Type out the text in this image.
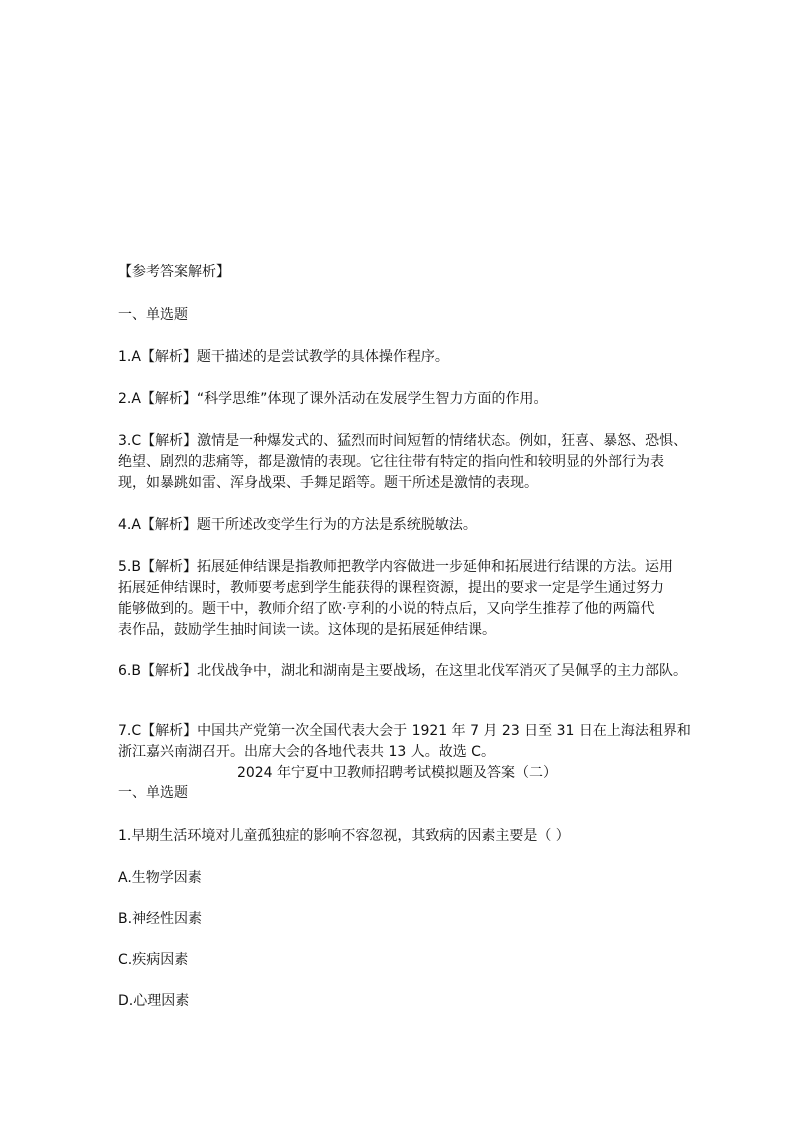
【参考答案解析】
一、单选题
1.A【解析】题干描述的是尝试教学的具体操作程序。
2.A【解析】“科学思维”体现了课外活动在发展学生智力方面的作用。
3.C【解析】激情是一种爆发式的、猛烈而时间短暂的情绪状态。例如，狂喜、暴怒、恐惧、
绝望、剧烈的悲痛等，都是激情的表现。它往往带有特定的指向性和较明显的外部行为表
现，如暴跳如雷、浑身战栗、手舞足蹈等。题干所述是激情的表现。
4.A【解析】题干所述改变学生行为的方法是系统脱敏法。
5.B【解析】拓展延伸结课是指教师把教学内容做进一步延伸和拓展进行结课的方法。运用
拓展延伸结课时，教师要考虑到学生能获得的课程资源，提出的要求一定是学生通过努力
能够做到的。题干中，教师介绍了欧·亨利的小说的特点后，又向学生推荐了他的两篇代
表作品，鼓励学生抽时间读一读。这体现的是拓展延伸结课。
6.B【解析】北伐战争中，湖北和湖南是主要战场，在这里北伐军消灭了吴佩孚的主力部队。
7.C【解析】中国共产党第一次全国代表大会于 1921 年 7 月 23 日至 31 日在上海法租界和
浙江嘉兴南湖召开。出席大会的各地代表共 13 人。故选 C。
2024 年宁夏中卫教师招聘考试模拟题及答案（二）
一、单选题
1.早期生活环境对儿童孤独症的影响不容忽视，其致病的因素主要是（ ）
A.生物学因素
B.神经性因素
C.疾病因素
D.心理因素
